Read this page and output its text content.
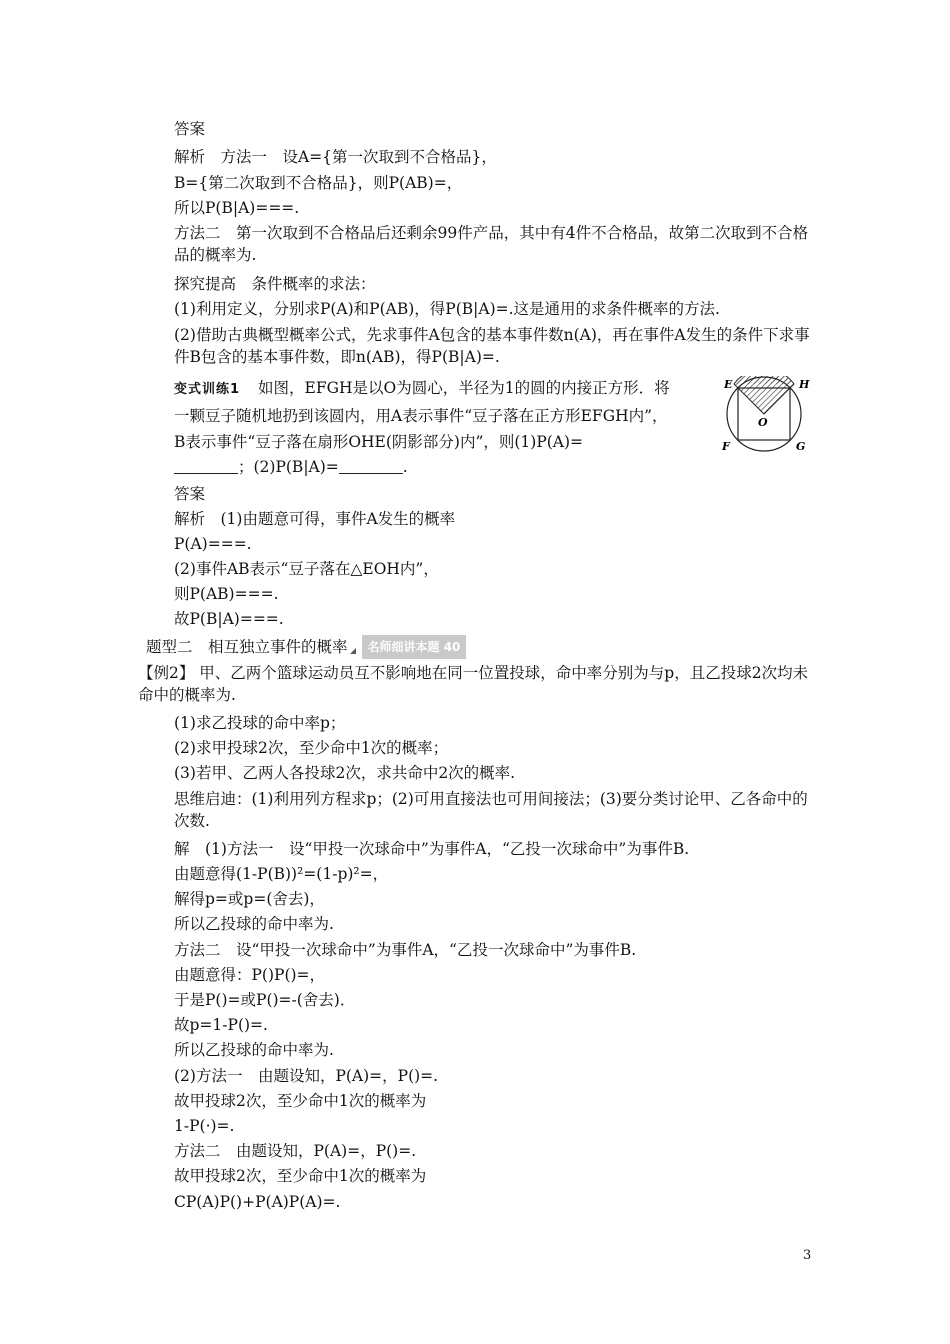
答案
解析　方法一　设A={第一次取到不合格品}，
B={第二次取到不合格品}，则P(AB)=，
所以P(B|A)===.
方法二　第一次取到不合格品后还剩余99件产品，其中有4件不合格品，故第二次取到不合格品的概率为.
探究提高　条件概率的求法：
(1)利用定义，分别求P(A)和P(AB)，得P(B|A)=.这是通用的求条件概率的方法.
(2)借助古典概型概率公式，先求事件A包含的基本事件数n(A)，再在事件A发生的条件下求事件B包含的基本事件数，即n(AB)，得P(B|A)=.
变式训练1 如图，EFGH是以O为圆心，半径为1的圆的内接正方形．将
一颗豆子随机地扔到该圆内，用A表示事件“豆子落在正方形EFGH内”，
B表示事件“豆子落在扇形OHE(阴影部分)内”，则(1)P(A)=
；(2)P(B|A)=	.
E	H
O
F	G
答案
解析　(1)由题意可得，事件A发生的概率
P(A)===.
(2)事件AB表示“豆子落在△EOH内”，
则P(AB)===.
故P(B|A)===.
题型二　相互独立事件的概率 名师细讲本题 40
【例2】 甲、乙两个篮球运动员互不影响地在同一位置投球，命中率分别为与p，且乙投球2次均未命中的概率为.
(1)求乙投球的命中率p；
(2)求甲投球2次，至少命中1次的概率；
(3)若甲、乙两人各投球2次，求共命中2次的概率.
思维启迪：(1)利用列方程求p；(2)可用直接法也可用间接法；(3)要分类讨论甲、乙各命中的次数.
解　(1)方法一　设“甲投一次球命中”为事件A，“乙投一次球命中”为事件B.
由题意得(1-P(B))²=(1-p)²=，
解得p=或p=(舍去)，
所以乙投球的命中率为.
方法二　设“甲投一次球命中”为事件A，“乙投一次球命中”为事件B.
由题意得：P()P()=，
于是P()=或P()=-(舍去)．
故p=1-P()=.
所以乙投球的命中率为.
(2)方法一　由题设知，P(A)=，P()=.
故甲投球2次，至少命中1次的概率为
1-P(·)=.
方法二　由题设知，P(A)=，P()=.
故甲投球2次，至少命中1次的概率为
CP(A)P()+P(A)P(A)=.
3
